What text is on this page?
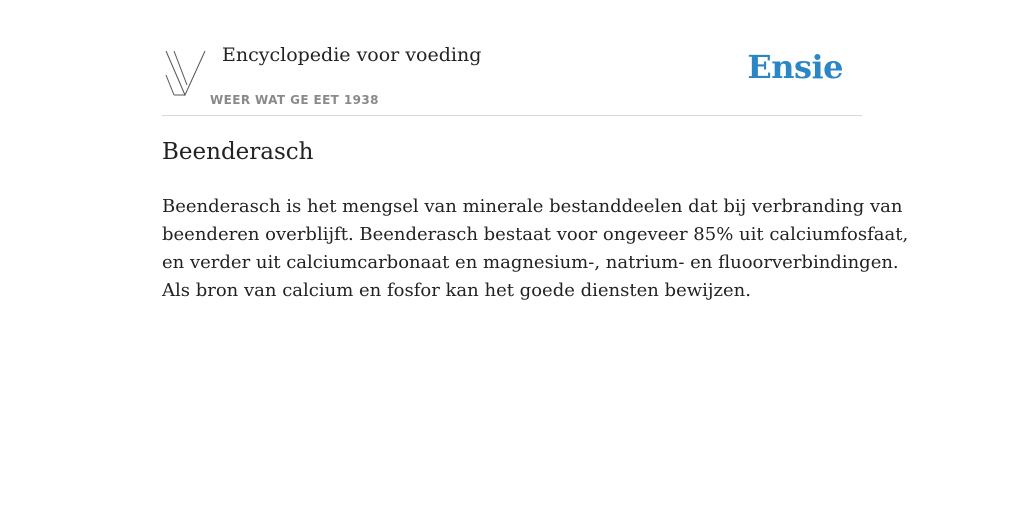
Encyclopedie voor voeding
WEER WAT GE EET 1938
Ensie
Beenderasch

Beenderasch is het mengsel van minerale bestanddeelen dat bij verbranding van
beenderen overblijft. Beenderasch bestaat voor ongeveer 85% uit calciumfosfaat,
en verder uit calciumcarbonaat en magnesium-, natrium- en fluoorverbindingen.
Als bron van calcium en fosfor kan het goede diensten bewijzen.
